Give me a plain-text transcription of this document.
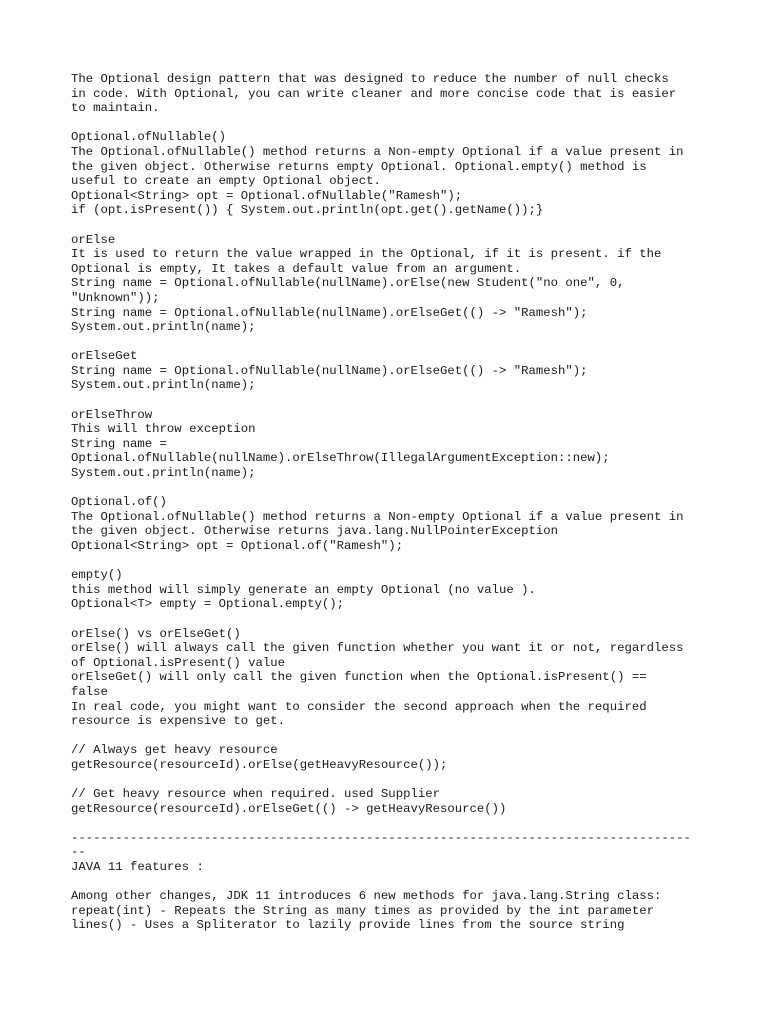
The Optional design pattern that was designed to reduce the number of null checks
in code. With Optional, you can write cleaner and more concise code that is easier
to maintain.
Optional.ofNullable()
The Optional.ofNullable() method returns a Non-empty Optional if a value present in
the given object. Otherwise returns empty Optional. Optional.empty() method is
useful to create an empty Optional object.
Optional<String> opt = Optional.ofNullable("Ramesh");
if (opt.isPresent()) { System.out.println(opt.get().getName());}
orElse
It is used to return the value wrapped in the Optional, if it is present. if the
Optional is empty, It takes a default value from an argument.
String name = Optional.ofNullable(nullName).orElse(new Student("no one", 0,
"Unknown"));
String name = Optional.ofNullable(nullName).orElseGet(() -> "Ramesh");
System.out.println(name);
orElseGet
String name = Optional.ofNullable(nullName).orElseGet(() -> "Ramesh");
System.out.println(name);
orElseThrow
This will throw exception
String name =
Optional.ofNullable(nullName).orElseThrow(IllegalArgumentException::new);
System.out.println(name);
Optional.of()
The Optional.ofNullable() method returns a Non-empty Optional if a value present in
the given object. Otherwise returns java.lang.NullPointerException
Optional<String> opt = Optional.of("Ramesh");
empty()
this method will simply generate an empty Optional (no value ).
Optional<T> empty = Optional.empty();
orElse() vs orElseGet()
orElse() will always call the given function whether you want it or not, regardless
of Optional.isPresent() value
orElseGet() will only call the given function when the Optional.isPresent() ==
false
In real code, you might want to consider the second approach when the required
resource is expensive to get.
// Always get heavy resource
getResource(resourceId).orElse(getHeavyResource());
// Get heavy resource when required. used Supplier
getResource(resourceId).orElseGet(() -> getHeavyResource())
------------------------------------------------------------------------------------
--
JAVA 11 features :
Among other changes, JDK 11 introduces 6 new methods for java.lang.String class:
repeat(int) - Repeats the String as many times as provided by the int parameter
lines() - Uses a Spliterator to lazily provide lines from the source string
